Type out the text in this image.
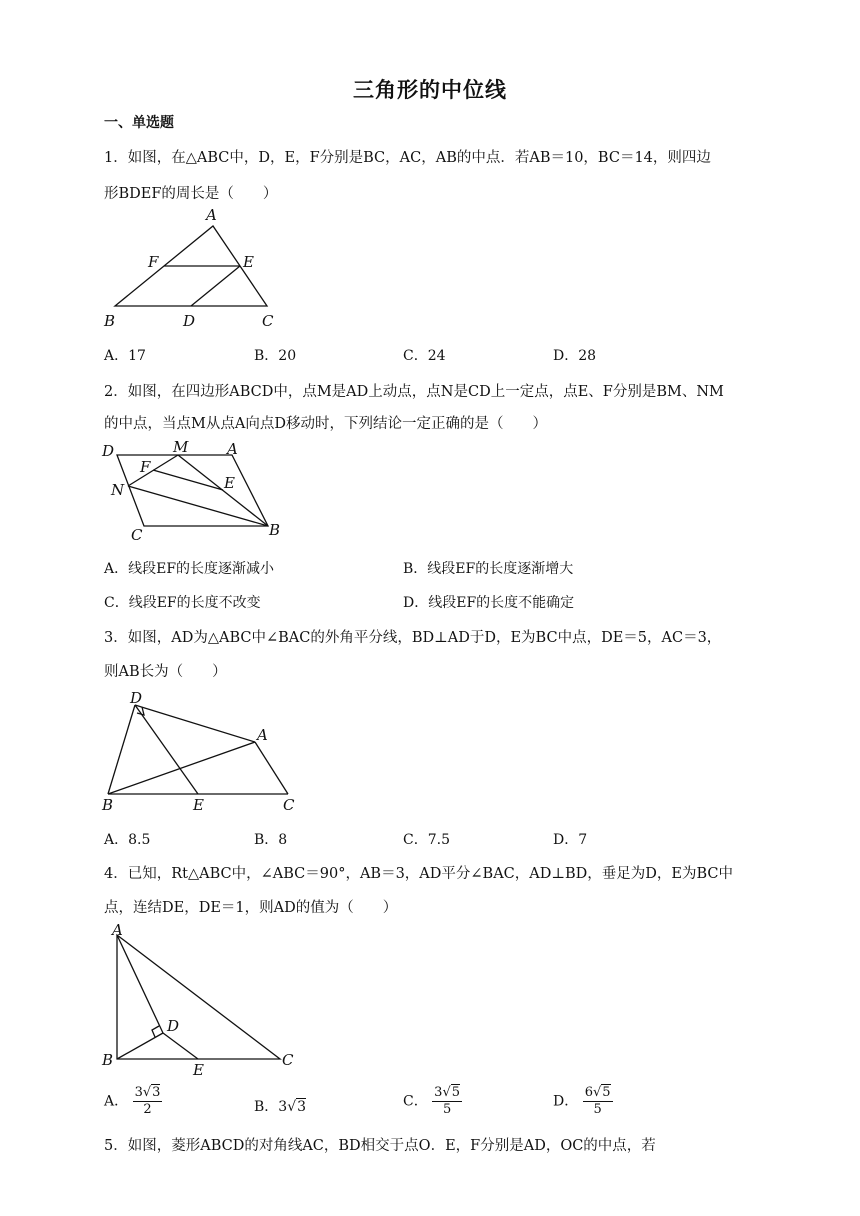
三角形的中位线
一、单选题
1．如图，在△ABC中，D，E，F分别是BC，AC，AB的中点．若AB＝10，BC＝14，则四边
形BDEF的周长是（　　）
A
F	E
B	D	C
A．17	B．20	C．24	D．28
2．如图，在四边形ABCD中，点M是AD上动点，点N是CD上一定点，点E、F分别是BM、NM
的中点，当点M从点A向点D移动时，下列结论一定正确的是（　　）
D	M	A
F
E
N
C	B
A．线段EF的长度逐渐减小	B．线段EF的长度逐渐增大
C．线段EF的长度不改变	D．线段EF的长度不能确定
3．如图，AD为△ABC中∠BAC的外角平分线，BD⊥AD于D，E为BC中点，DE＝5，AC＝3，
则AB长为（　　）
D
A
B	E	C
A．8.5	B．8	C．7.5	D．7
4．已知，Rt△ABC中，∠ABC＝90°，AB＝3，AD平分∠BAC，AD⊥BD，垂足为D，E为BC中
点，连结DE，DE＝1，则AD的值为（　　）
A
D
B
E
C
A． $\frac{3√3}{2}$	B．3√3	C． $\frac{3√5}{5}$	D． $\frac{6√5}{5}$
5．如图，菱形ABCD的对角线AC，BD相交于点O．E，F分别是AD，OC的中点，若
